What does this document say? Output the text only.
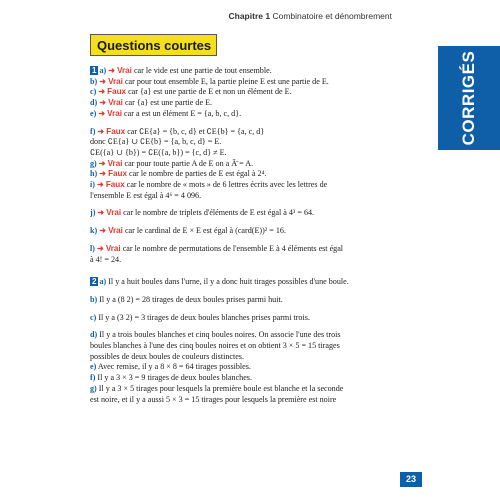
Chapitre 1 Combinatoire et dénombrement
CORRIGÉS
Questions courtes
1 a) ➜ Vrai car le vide est une partie de tout ensemble.
b) ➜ Vrai car pour tout ensemble E, la partie pleine E est une partie de E.
c) ➜ Faux car {a} est une partie de E et non un élément de E.
d) ➜ Vrai car {a} est une partie de E.
e) ➜ Vrai car a est un élément E = {a, b, c, d}.
f) ➜ Faux car ∁E{a} = {b, c, d} et ∁E{b} = {a, c, d}
donc ∁E{a} ∪ ∁E{b} = {a, b, c, d} = E.
∁E({a} ∪ {b}) = ∁E({a, b}) = {c, d} ≠ E.
g) ➜ Vrai car pour toute partie A de E on a Ā̄ = A.
h) ➜ Faux car le nombre de parties de E est égal à 2⁴.
i) ➜ Faux car le nombre de « mots » de 6 lettres écrits avec les lettres de
l'ensemble E est égal à 4⁶ = 4 096.
j) ➜ Vrai car le nombre de triplets d'éléments de E est égal à 4³ = 64.
k) ➜ Vrai car le cardinal de E × E est égal à (card(E))² = 16.
l) ➜ Vrai car le nombre de permutations de l'ensemble E à 4 éléments est égal
à 4! = 24.
2 a) Il y a huit boules dans l'urne, il y a donc huit tirages possibles d'une boule.
b) Il y a (8 2) = 28 tirages de deux boules prises parmi huit.
c) Il y a (3 2) = 3 tirages de deux boules blanches prises parmi trois.
d) Il y a trois boules blanches et cinq boules noires. On associe l'une des trois
boules blanches à l'une des cinq boules noires et on obtient 3 × 5 = 15 tirages
possibles de deux boules de couleurs distinctes.
e) Avec remise, il y a 8 × 8 = 64 tirages possibles.
f) Il y a 3 × 3 = 9 tirages de deux boules blanches.
g) Il y a 3 × 5 tirages pour lesquels la première boule est blanche et la seconde
est noire, et il y a aussi 5 × 3 = 15 tirages pour lesquels la première est noire
23
